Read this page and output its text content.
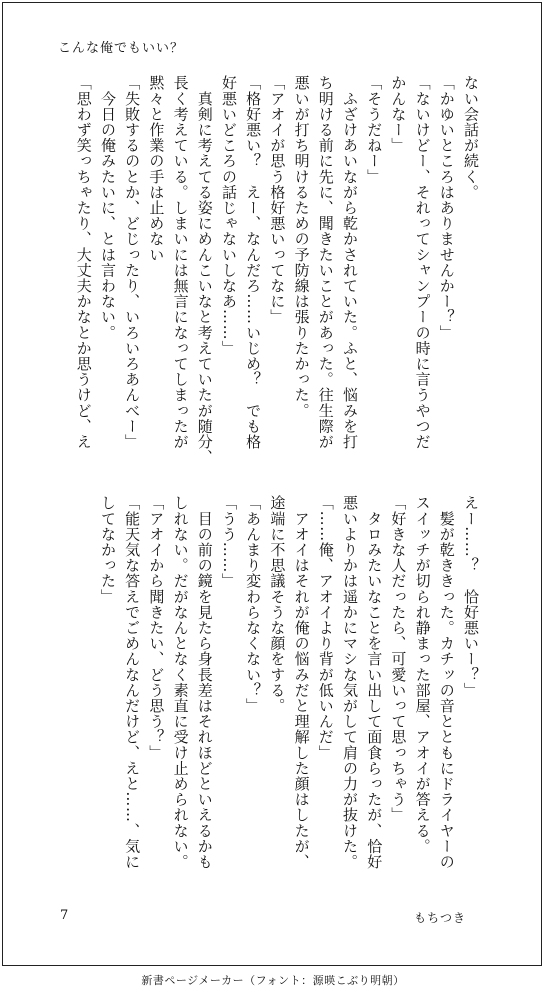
こんな俺でもいい？
ない会話が続く。
「かゆいところはありませんかー？」
「ないけどー、それってシャンプーの時に言うやつだ
かんなー」
「そうだねー」
　ふざけあいながら乾かされていた。ふと、悩みを打
ち明ける前に先に、聞きたいことがあった。往生際が
悪いが打ち明けるための予防線は張りたかった。
「アオイが思う格好悪いってなに」
「格好悪い？　えー、なんだろ……いじめ？　でも格
好悪いどころの話じゃないしなあ……」
　真剣に考えてる姿にめんこいなと考えていたが随分、
長く考えている。しまいには無言になってしまったが
黙々と作業の手は止めない
「失敗するのとか、どじったり、いろいろあんべー」
　今日の俺みたいに、とは言わない。
「思わず笑っちゃたり、大丈夫かなとか思うけど、え
えー……？　恰好悪いー？」
　髪が乾ききった。カチッの音とともにドライヤーの
スイッチが切られ静まった部屋、アオイが答える。
「好きな人だったら、可愛いって思っちゃう」
　タロみたいなことを言い出して面食らったが、恰好
悪いよりかは遥かにマシな気がして肩の力が抜けた。
「……俺、アオイより背が低いんだ」
　アオイはそれが俺の悩みだと理解した顔はしたが、
途端に不思議そうな顔をする。
「あんまり変わらなくない？」
「うう……」
　目の前の鏡を見たら身長差はそれほどといえるかも
しれない。だがなんとなく素直に受け止められない。
「アオイから聞きたい、どう思う？」
「能天気な答えでごめんなんだけど、えと……、気に
してなかった」
7	もちつき
新書ページメーカー（フォント：源暎こぶり明朝）
